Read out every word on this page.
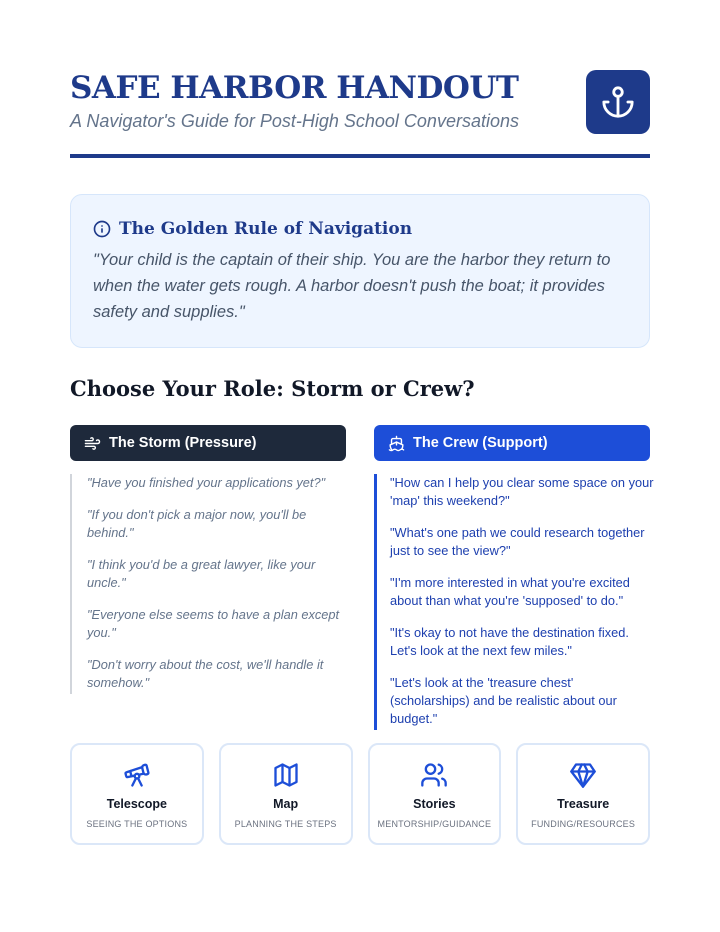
SAFE HARBOR HANDOUT
A Navigator's Guide for Post-High School Conversations
The Golden Rule of Navigation
"Your child is the captain of their ship. You are the harbor they return to when the water gets rough. A harbor doesn't push the boat; it provides safety and supplies."
Choose Your Role: Storm or Crew?
The Storm (Pressure)	The Crew (Support)
"Have you finished your applications yet?"
"If you don't pick a major now, you'll be behind."
"I think you'd be a great lawyer, like your uncle."
"Everyone else seems to have a plan except you."
"Don't worry about the cost, we'll handle it somehow."
"How can I help you clear some space on your 'map' this weekend?"
"What's one path we could research together just to see the view?"
"I'm more interested in what you're excited about than what you're 'supposed' to do."
"It's okay to not have the destination fixed. Let's look at the next few miles."
"Let's look at the 'treasure chest' (scholarships) and be realistic about our budget."
Telescope
SEEING THE OPTIONS
Map
PLANNING THE STEPS
Stories
MENTORSHIP/GUIDANCE
Treasure
FUNDING/RESOURCES
